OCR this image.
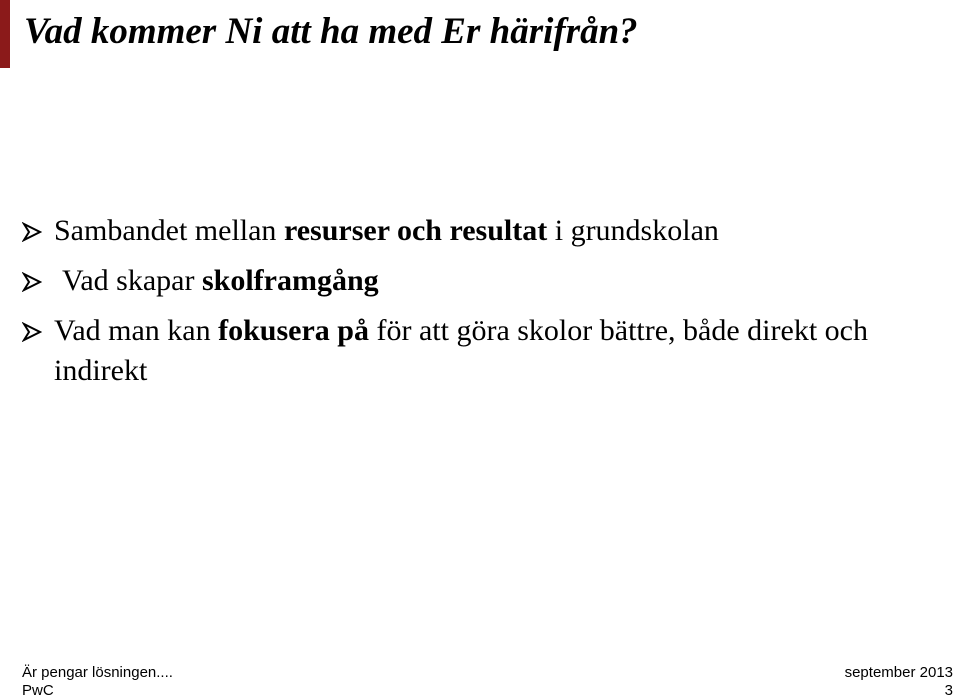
Vad kommer Ni att ha med Er härifrån?
Sambandet mellan resurser och resultat i grundskolan
Vad skapar skolframgång
Vad man kan fokusera på för att göra skolor bättre, både direkt och indirekt
Är pengar lösningen....
PwC
september 2013
3
